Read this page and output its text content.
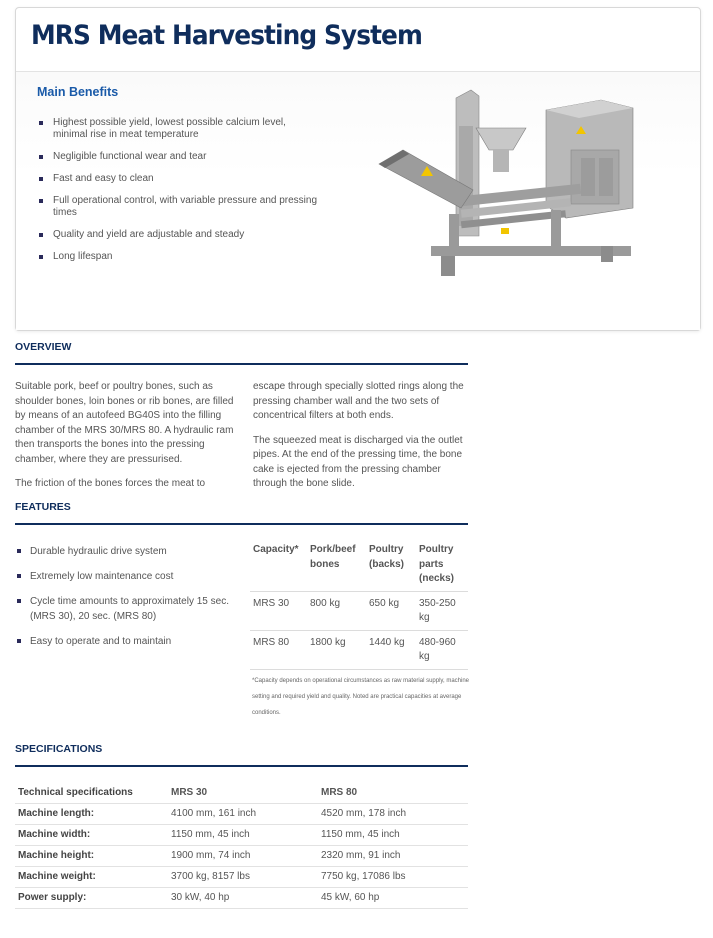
MRS Meat Harvesting System
Main Benefits
Highest possible yield, lowest possible calcium level, minimal rise in meat temperature
Negligible functional wear and tear
Fast and easy to clean
Full operational control, with variable pressure and pressing times
Quality and yield are adjustable and steady
Long lifespan
OVERVIEW

Suitable pork, beef or poultry bones, such as shoulder bones, loin bones or rib bones, are filled by means of an autofeed BG40S into the filling chamber of the MRS 30/MRS 80. A hydraulic ram then transports the bones into the pressing chamber, where they are pressurised.

The friction of the bones forces the meat to

escape through specially slotted rings along the pressing chamber wall and the two sets of concentrical filters at both ends.

The squeezed meat is discharged via the outlet pipes. At the end of the pressing time, the bone cake is ejected from the pressing chamber through the bone slide.

FEATURES
Durable hydraulic drive system
Extremely low maintenance cost
Cycle time amounts to approximately 15 sec. (MRS 30), 20 sec. (MRS 80)
Easy to operate and to maintain
Capacity*	Pork/beef bones	Poultry (backs)	Poultry parts (necks)
MRS 30	800 kg	650 kg	350-250 kg
MRS 80	1800 kg	1440 kg	480-960 kg
*Capacity depends on operational circumstances as raw material supply, machine setting and required yield and quality. Noted are practical capacities at average conditions.
SPECIFICATIONS
Technical specifications	MRS 30	MRS 80
Machine length:	4100 mm, 161 inch	4520 mm, 178 inch
Machine width:	1150 mm, 45 inch	1150 mm, 45 inch
Machine height:	1900 mm, 74 inch	2320 mm, 91 inch
Machine weight:	3700 kg, 8157 lbs	7750 kg, 17086 lbs
Power supply:	30 kW, 40 hp	45 kW, 60 hp
